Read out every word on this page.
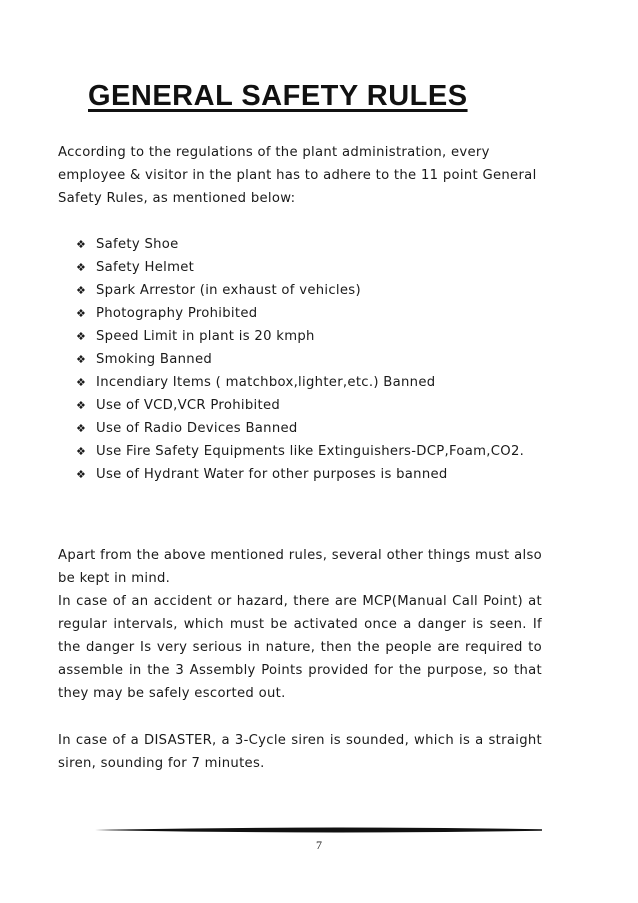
GENERAL SAFETY RULES

According to the regulations of the plant administration, every employee & visitor in the plant has to adhere to the 11 point General Safety Rules, as mentioned below:

❖ Safety Shoe
❖ Safety Helmet
❖ Spark Arrestor (in exhaust of vehicles)
❖ Photography Prohibited
❖ Speed Limit in plant is 20 kmph
❖ Smoking Banned
❖ Incendiary Items ( matchbox,lighter,etc.) Banned
❖ Use of VCD,VCR Prohibited
❖ Use of Radio Devices Banned
❖ Use Fire Safety Equipments like Extinguishers-DCP,Foam,CO2.
❖ Use of Hydrant Water for other purposes is banned

Apart from the above mentioned rules, several other things must also be kept in mind.

In case of an accident or hazard, there are MCP(Manual Call Point) at regular intervals, which must be activated once a danger is seen. If the danger Is very serious in nature, then the people are required to assemble in the 3 Assembly Points provided for the purpose, so that they may be safely escorted out.

In case of a DISASTER, a 3-Cycle siren is sounded, which is a straight siren, sounding for 7 minutes.

7
